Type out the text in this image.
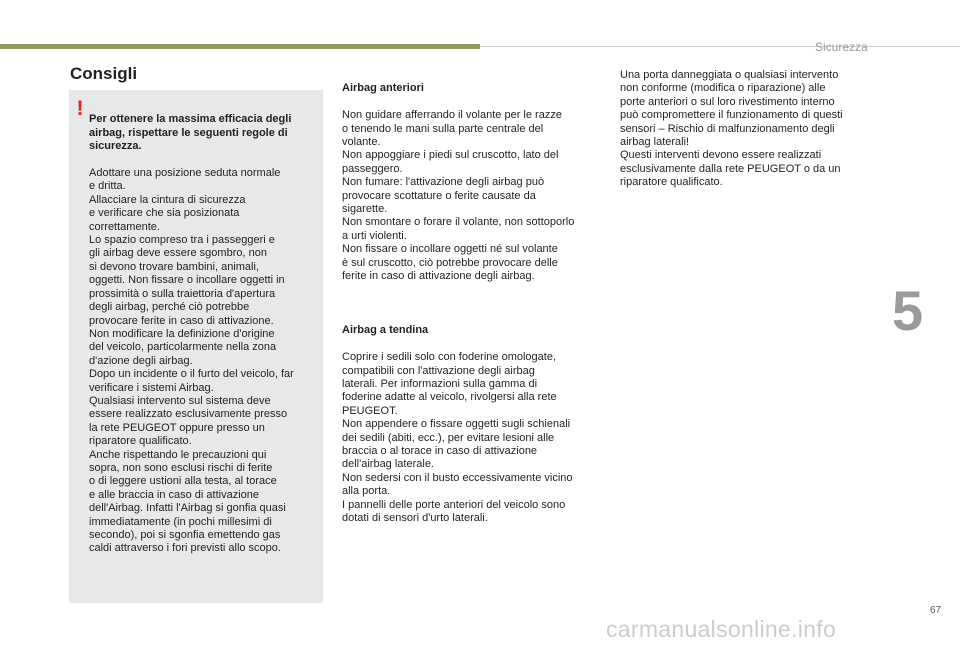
Sicurezza
5
Consigli
! Per ottenere la massima efficacia degli
airbag, rispettare le seguenti regole di
sicurezza.

Adottare una posizione seduta normale
e dritta.
Allacciare la cintura di sicurezza
e verificare che sia posizionata
correttamente.
Lo spazio compreso tra i passeggeri e
gli airbag deve essere sgombro, non
si devono trovare bambini, animali,
oggetti. Non fissare o incollare oggetti in
prossimità o sulla traiettoria d'apertura
degli airbag, perché ciò potrebbe
provocare ferite in caso di attivazione.
Non modificare la definizione d'origine
del veicolo, particolarmente nella zona
d'azione degli airbag.
Dopo un incidente o il furto del veicolo, far
verificare i sistemi Airbag.
Qualsiasi intervento sul sistema deve
essere realizzato esclusivamente presso
la rete PEUGEOT oppure presso un
riparatore qualificato.
Anche rispettando le precauzioni qui
sopra, non sono esclusi rischi di ferite
o di leggere ustioni alla testa, al torace
e alle braccia in caso di attivazione
dell'Airbag. Infatti l'Airbag si gonfia quasi
immediatamente (in pochi millesimi di
secondo), poi si sgonfia emettendo gas
caldi attraverso i fori previsti allo scopo.

Airbag anteriori

Non guidare afferrando il volante per le razze
o tenendo le mani sulla parte centrale del
volante.
Non appoggiare i piedi sul cruscotto, lato del
passeggero.
Non fumare: l'attivazione degli airbag può
provocare scottature o ferite causate da
sigarette.
Non smontare o forare il volante, non sottoporlo
a urti violenti.
Non fissare o incollare oggetti né sul volante
è sul cruscotto, ciò potrebbe provocare delle
ferite in caso di attivazione degli airbag.

Airbag a tendina

Coprire i sedili solo con foderine omologate,
compatibili con l'attivazione degli airbag
laterali. Per informazioni sulla gamma di
foderine adatte al veicolo, rivolgersi alla rete
PEUGEOT.
Non appendere o fissare oggetti sugli schienali
dei sedili (abiti, ecc.), per evitare lesioni alle
braccia o al torace in caso di attivazione
dell'airbag laterale.
Non sedersi con il busto eccessivamente vicino
alla porta.
I pannelli delle porte anteriori del veicolo sono
dotati di sensori d'urto laterali.

Una porta danneggiata o qualsiasi intervento
non conforme (modifica o riparazione) alle
porte anteriori o sul loro rivestimento interno
può compromettere il funzionamento di questi
sensori – Rischio di malfunzionamento degli
airbag laterali!
Questi interventi devono essere realizzati
esclusivamente dalla rete PEUGEOT o da un
riparatore qualificato.
67
carmanualsonline.info
